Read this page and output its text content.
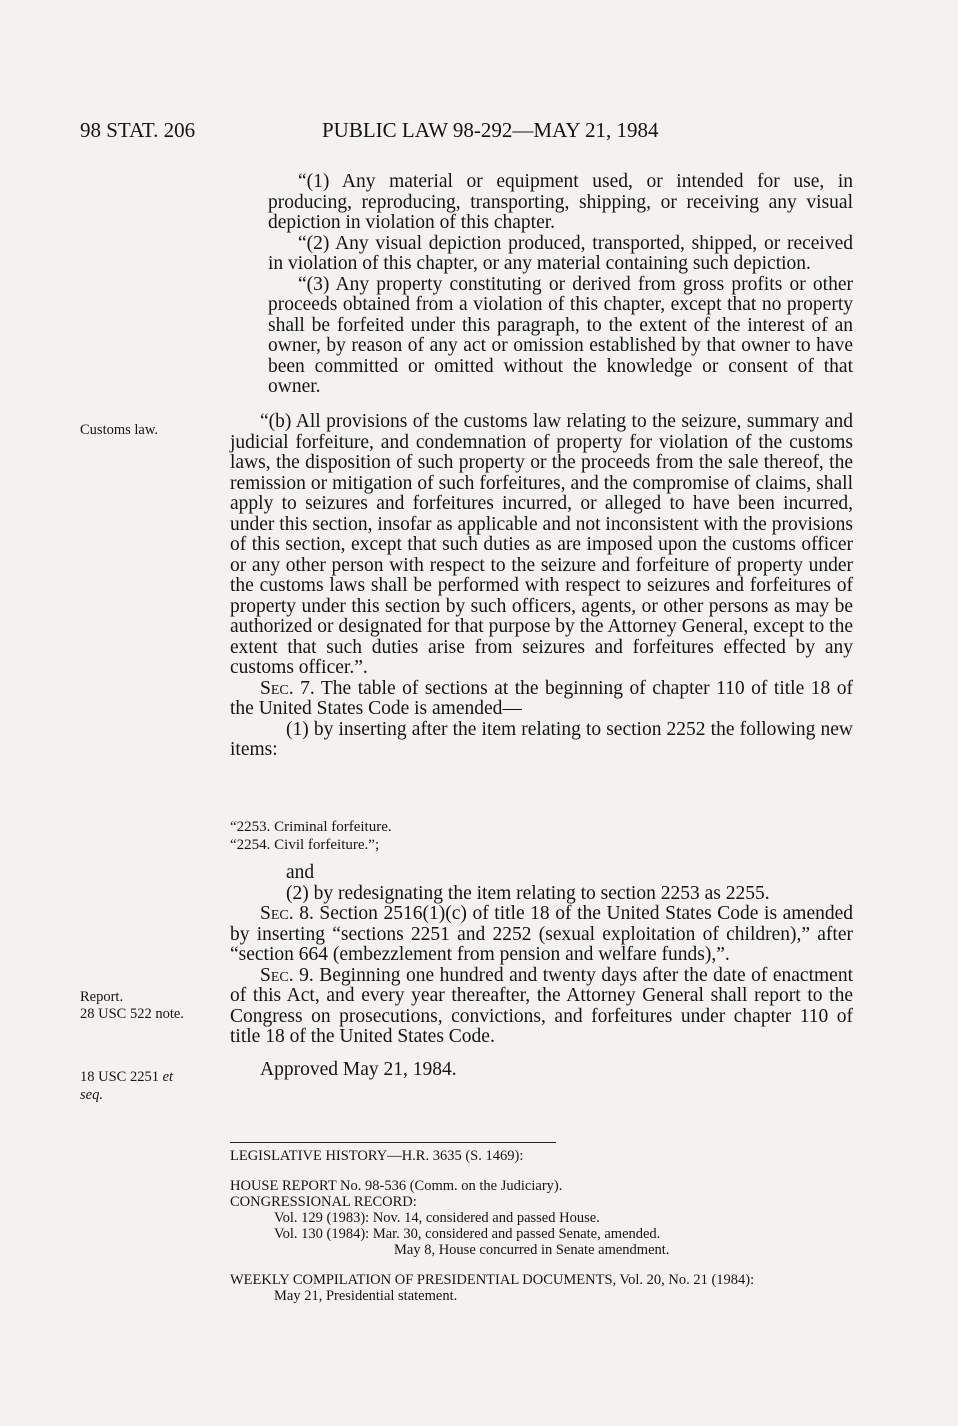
98 STAT. 206	PUBLIC LAW 98-292—MAY 21, 1984
Customs law.
Report.
28 USC 522 note.
18 USC 2251 et
seq.

“(1) Any material or equipment used, or intended for use, in producing, reproducing, transporting, shipping, or receiving any visual depiction in violation of this chapter.

“(2) Any visual depiction produced, transported, shipped, or received in violation of this chapter, or any material containing such depiction.

“(3) Any property constituting or derived from gross profits or other proceeds obtained from a violation of this chapter, except that no property shall be forfeited under this paragraph, to the extent of the interest of an owner, by reason of any act or omission established by that owner to have been committed or omitted without the knowledge or consent of that owner.

“(b) All provisions of the customs law relating to the seizure, summary and judicial forfeiture, and condemnation of property for violation of the customs laws, the disposition of such property or the proceeds from the sale thereof, the remission or mitigation of such forfeitures, and the compromise of claims, shall apply to seizures and forfeitures incurred, or alleged to have been incurred, under this section, insofar as applicable and not inconsistent with the provisions of this section, except that such duties as are imposed upon the customs officer or any other person with respect to the seizure and forfeiture of property under the customs laws shall be performed with respect to seizures and forfeitures of property under this section by such officers, agents, or other persons as may be authorized or designated for that purpose by the Attorney General, except to the extent that such duties arise from seizures and forfeitures effected by any customs officer.”.

Sec. 7. The table of sections at the beginning of chapter 110 of title 18 of the United States Code is amended—

(1) by inserting after the item relating to section 2252 the following new items:

“2253. Criminal forfeiture.
“2254. Civil forfeiture.”;

and

(2) by redesignating the item relating to section 2253 as 2255.

Sec. 8. Section 2516(1)(c) of title 18 of the United States Code is amended by inserting “sections 2251 and 2252 (sexual exploitation of children),” after “section 664 (embezzlement from pension and welfare funds),”.

Sec. 9. Beginning one hundred and twenty days after the date of enactment of this Act, and every year thereafter, the Attorney General shall report to the Congress on prosecutions, convictions, and forfeitures under chapter 110 of title 18 of the United States Code.

Approved May 21, 1984.

LEGISLATIVE HISTORY—H.R. 3635 (S. 1469):
HOUSE REPORT No. 98-536 (Comm. on the Judiciary).
CONGRESSIONAL RECORD:
Vol. 129 (1983): Nov. 14, considered and passed House.
Vol. 130 (1984): Mar. 30, considered and passed Senate, amended.
May 8, House concurred in Senate amendment.
WEEKLY COMPILATION OF PRESIDENTIAL DOCUMENTS, Vol. 20, No. 21 (1984):
May 21, Presidential statement.
